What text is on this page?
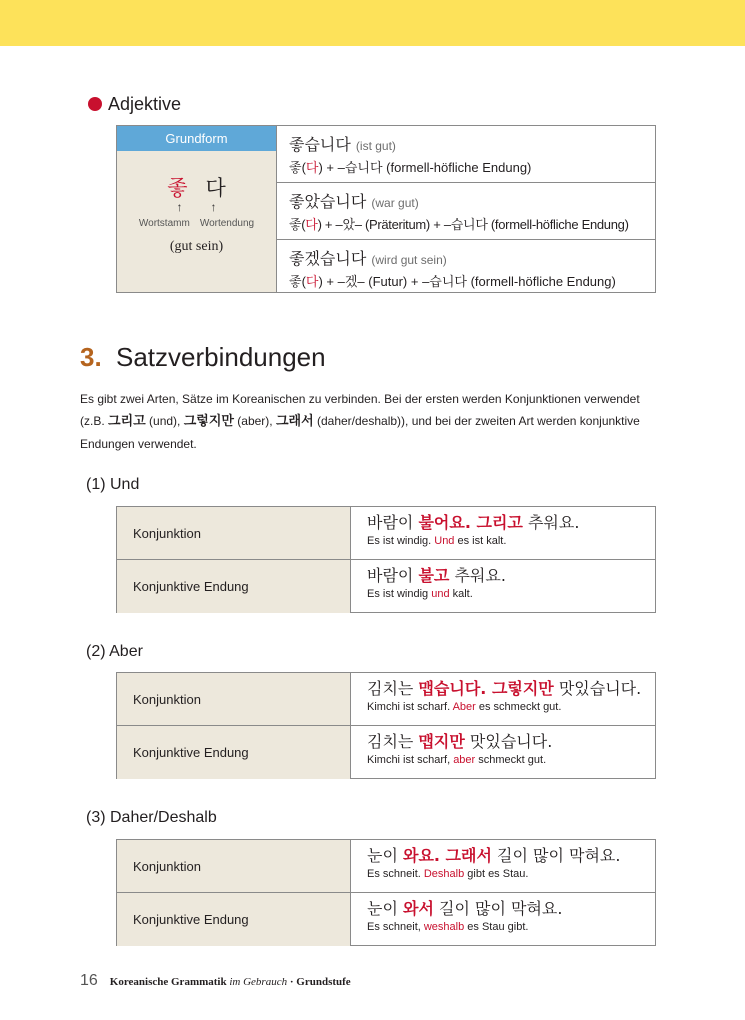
Adjektive
Grundform
좋 다
↑ ↑
Wortstamm Wortendung
(gut sein)
좋습니다 (ist gut)
좋(다) + –습니다 (formell-höfliche Endung)
좋았습니다 (war gut)
좋(다) + –았– (Präteritum) + –습니다 (formell-höfliche Endung)
좋겠습니다 (wird gut sein)
좋(다) + –겠– (Futur) + –습니다 (formell-höfliche Endung)
3. Satzverbindungen
Es gibt zwei Arten, Sätze im Koreanischen zu verbinden. Bei der ersten werden Konjunktionen verwendet (z.B. 그리고 (und), 그렇지만 (aber), 그래서 (daher/deshalb)), und bei der zweiten Art werden konjunktive Endungen verwendet.
(1) Und
Konjunktion
바람이 불어요. 그리고 추워요.
Es ist windig. Und es ist kalt.
Konjunktive Endung
바람이 불고 추워요.
Es ist windig und kalt.
(2) Aber
Konjunktion
김치는 맵습니다. 그렇지만 맛있습니다.
Kimchi ist scharf. Aber es schmeckt gut.
Konjunktive Endung
김치는 맵지만 맛있습니다.
Kimchi ist scharf, aber schmeckt gut.
(3) Daher/Deshalb
Konjunktion
눈이 와요. 그래서 길이 많이 막혀요.
Es schneit. Deshalb gibt es Stau.
Konjunktive Endung
눈이 와서 길이 많이 막혀요.
Es schneit, weshalb es Stau gibt.
16 Koreanische Grammatik im Gebrauch · Grundstufe
